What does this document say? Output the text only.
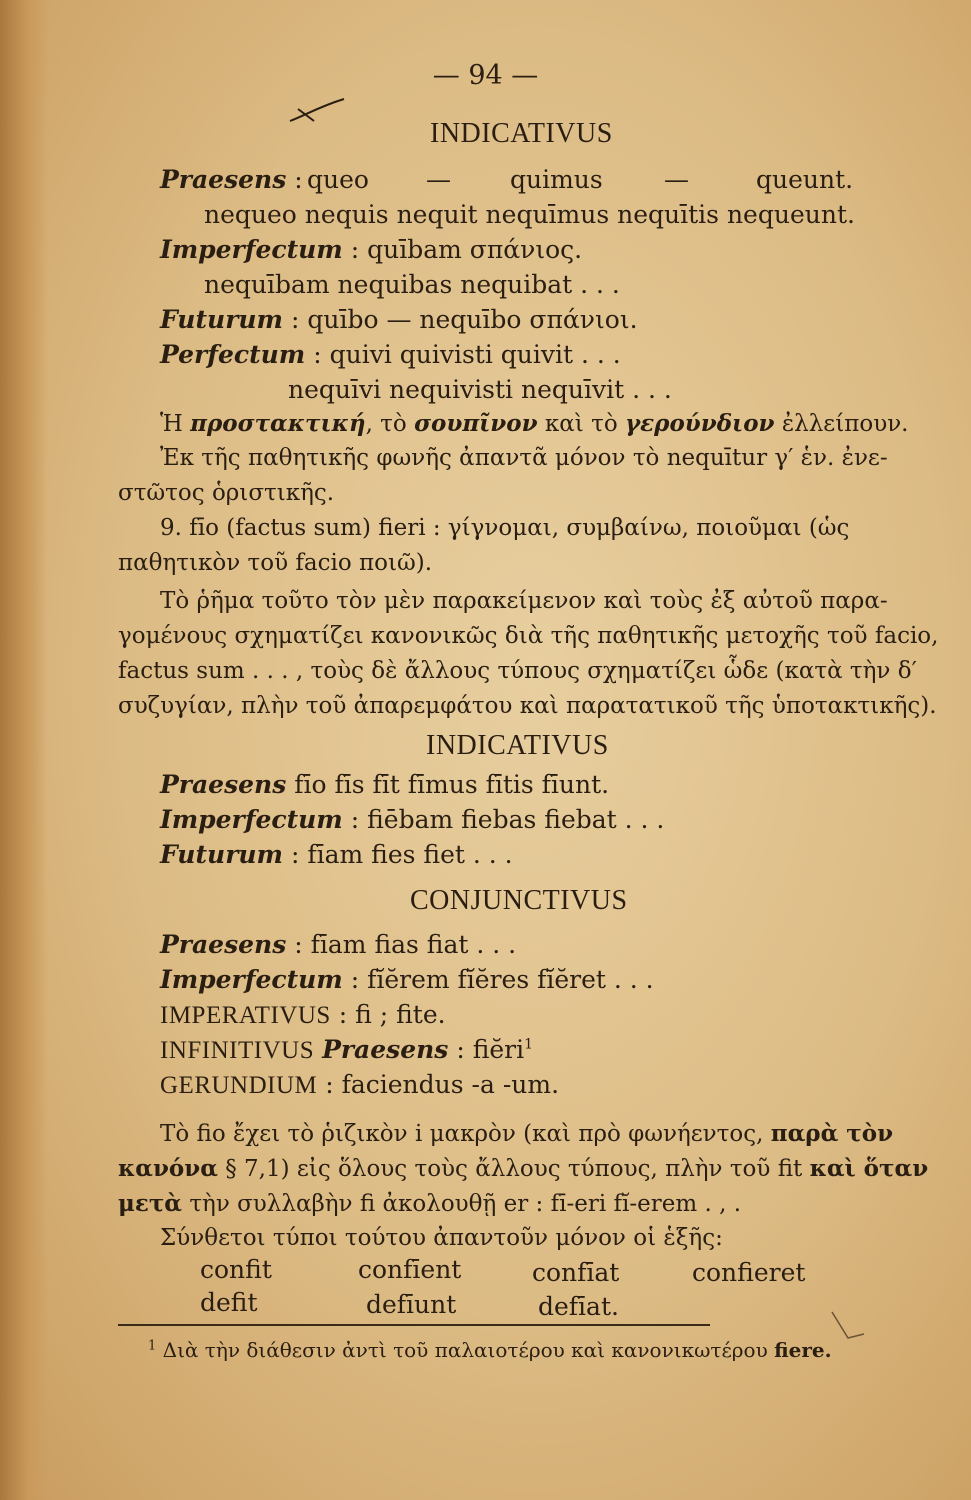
— 94 —
INDICATIVUS
Praesens : queo — quimus —	queunt.
nequeo nequis nequit nequīmus nequītis nequeunt.
Imperfectum : quībam σπάνιος.
nequībam nequibas nequibat . . .
Futurum : quībo — nequībo σπάνιοι.
Perfectum : quivi quivisti quivit . . .
nequīvi nequivisti nequīvit . . .
Ἡ προστακτική, τὸ σουπῖνον καὶ τὸ γερούνδιον ἐλλείπουν.
Ἐκ τῆς παθητικῆς φωνῆς ἀπαντᾶ μόνον τὸ nequītur γ′ ἑν. ἐνε-
στῶτος ὁριστικῆς.
9. fīo (factus sum) fieri : γίγνομαι, συμβαίνω, ποιοῦμαι (ὡς
παθητικὸν τοῦ facio ποιῶ).
Τὸ ῥῆμα τοῦτο τὸν μὲν παρακείμενον καὶ τοὺς ἐξ αὐτοῦ παρα-
γομένους σχηματίζει κανονικῶς διὰ τῆς παθητικῆς μετοχῆς τοῦ facio,
factus sum . . . , τοὺς δὲ ἄλλους τύπους σχηματίζει ὧδε (κατὰ τὴν δ′
συζυγίαν, πλὴν τοῦ ἀπαρεμφάτου καὶ παρατατικοῦ τῆς ὑποτακτικῆς).
INDICATIVUS
Praesens fīo fīs fīt fīmus fītis fīunt.
Imperfectum : fiēbam fiebas fiebat . . .
Futurum : fīam fies fiet . . .
CONJUNCTIVUS
Praesens : fīam fias fiat . . .
Imperfectum : fĭĕrem fĭĕres fĭĕret . . .
IMPERATIVUS : fi ; fite.
INFINITIVUS Praesens : fiĕri$^1$
GERUNDIUM : faciendus -a -um.
Τὸ fio ἔχει τὸ ῥιζικὸν i μακρὸν (καὶ πρὸ φωνήεντος, παρὰ τὸν
κανόνα § 7,1) εἰς ὅλους τοὺς ἄλλους τύπους, πλὴν τοῦ fit καὶ ὅταν
μετὰ τὴν συλλαβὴν fi ἀκολουθῇ er : fī-eri fĭ-erem . , .
Σύνθετοι τύποι τούτου ἀπαντοῦν μόνον οἱ ἑξῆς:
confit	confīent	confīat	confieret
defit	defīunt	defīat.
$^1$ Διὰ τὴν διάθεσιν ἀντὶ τοῦ παλαιοτέρου καὶ κανονικωτέρου fiere.
